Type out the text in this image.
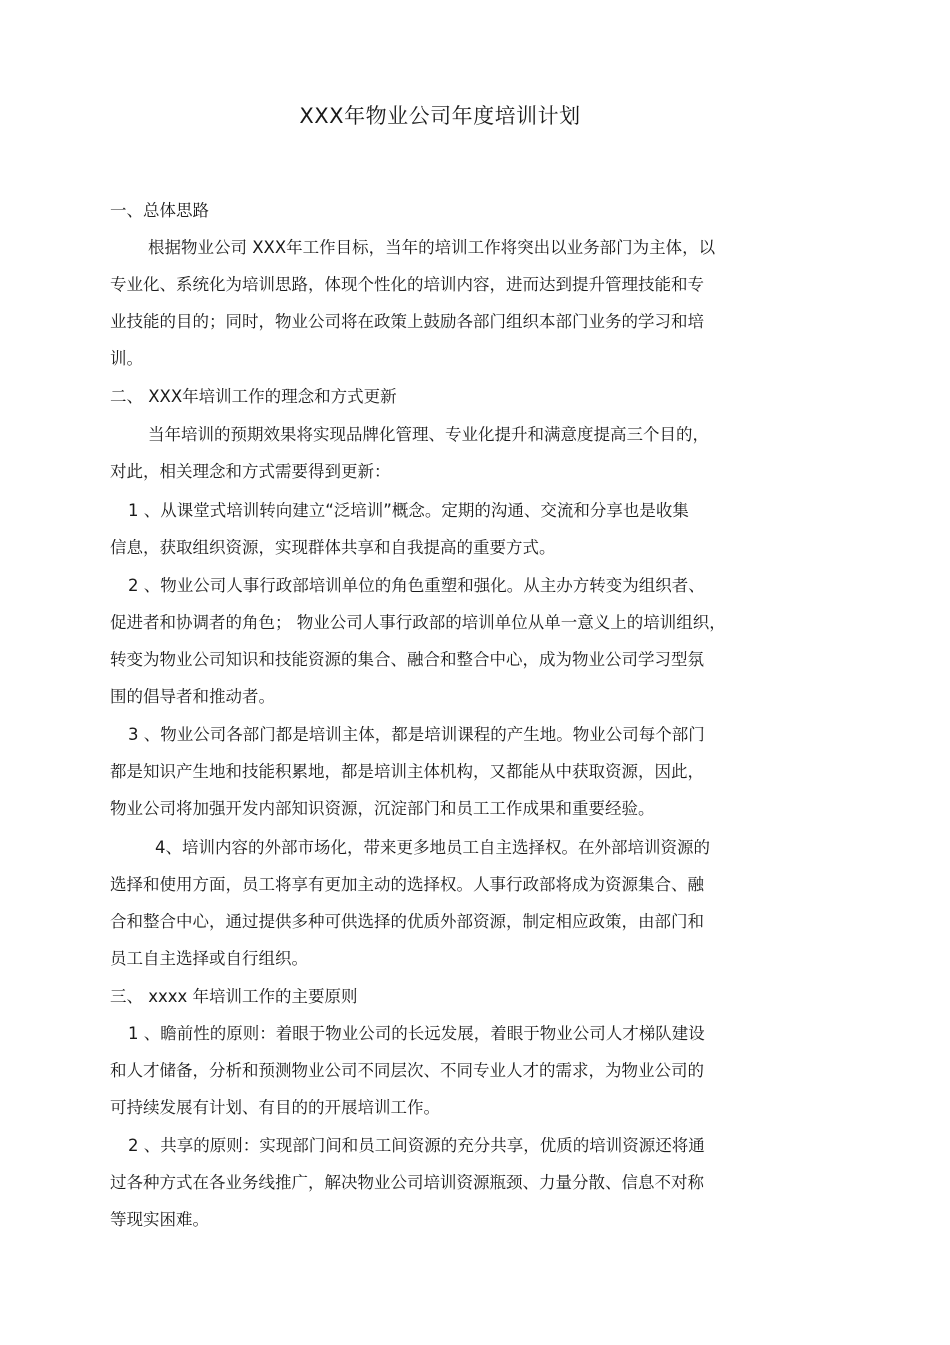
XXX年物业公司年度培训计划
一、总体思路
根据物业公司 XXX年工作目标，当年的培训工作将突出以业务部门为主体，以
专业化、系统化为培训思路，体现个性化的培训内容，进而达到提升管理技能和专
业技能的目的；同时，物业公司将在政策上鼓励各部门组织本部门业务的学习和培
训。
二、 XXX年培训工作的理念和方式更新
当年培训的预期效果将实现品牌化管理、专业化提升和满意度提高三个目的，
对此，相关理念和方式需要得到更新：
1 、从课堂式培训转向建立“泛培训”概念。定期的沟通、交流和分享也是收集
信息，获取组织资源，实现群体共享和自我提高的重要方式。
2 、物业公司人事行政部培训单位的角色重塑和强化。从主办方转变为组织者、
促进者和协调者的角色； 物业公司人事行政部的培训单位从单一意义上的培训组织，
转变为物业公司知识和技能资源的集合、融合和整合中心，成为物业公司学习型氛
围的倡导者和推动者。
3 、物业公司各部门都是培训主体，都是培训课程的产生地。物业公司每个部门
都是知识产生地和技能积累地，都是培训主体机构，又都能从中获取资源，因此，
物业公司将加强开发内部知识资源，沉淀部门和员工工作成果和重要经验。
4、培训内容的外部市场化，带来更多地员工自主选择权。在外部培训资源的
选择和使用方面，员工将享有更加主动的选择权。人事行政部将成为资源集合、融
合和整合中心，通过提供多种可供选择的优质外部资源，制定相应政策，由部门和
员工自主选择或自行组织。
三、 xxxx 年培训工作的主要原则
1 、瞻前性的原则：着眼于物业公司的长远发展，着眼于物业公司人才梯队建设
和人才储备，分析和预测物业公司不同层次、不同专业人才的需求，为物业公司的
可持续发展有计划、有目的的开展培训工作。
2 、共享的原则：实现部门间和员工间资源的充分共享，优质的培训资源还将通
过各种方式在各业务线推广，解决物业公司培训资源瓶颈、力量分散、信息不对称
等现实困难。
